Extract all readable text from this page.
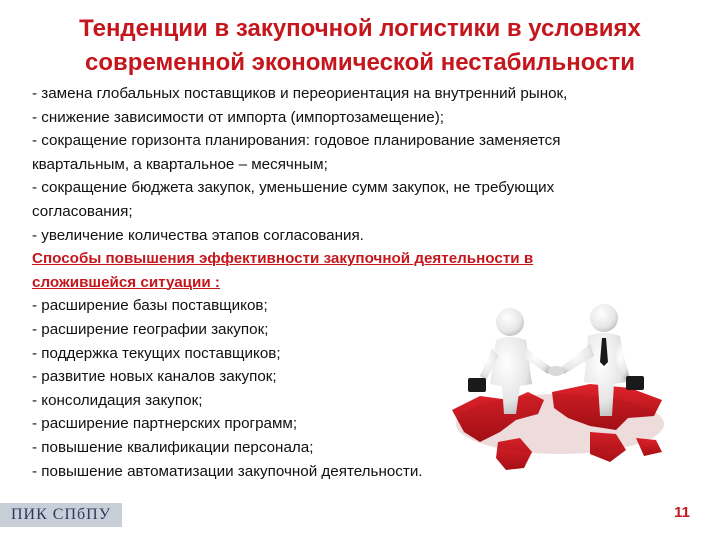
Тенденции в закупочной логистики в условиях
современной экономической нестабильности
- замена глобальных поставщиков и переориентация на внутренний рынок,
- снижение зависимости от импорта (импортозамещение);
- сокращение горизонта планирования: годовое планирование заменяется
квартальным, а квартальное – месячным;
- сокращение бюджета закупок, уменьшение сумм закупок, не требующих
согласования;
- увеличение количества этапов согласования.
Способы повышения эффективности закупочной деятельности в
сложившейся ситуации :
- расширение базы поставщиков;
- расширение географии закупок;
- поддержка текущих поставщиков;
- развитие новых каналов закупок;
- консолидация закупок;
- расширение партнерских программ;
- повышение квалификации персонала;
- повышение автоматизации закупочной деятельности.
ПИК СПбПУ	11
